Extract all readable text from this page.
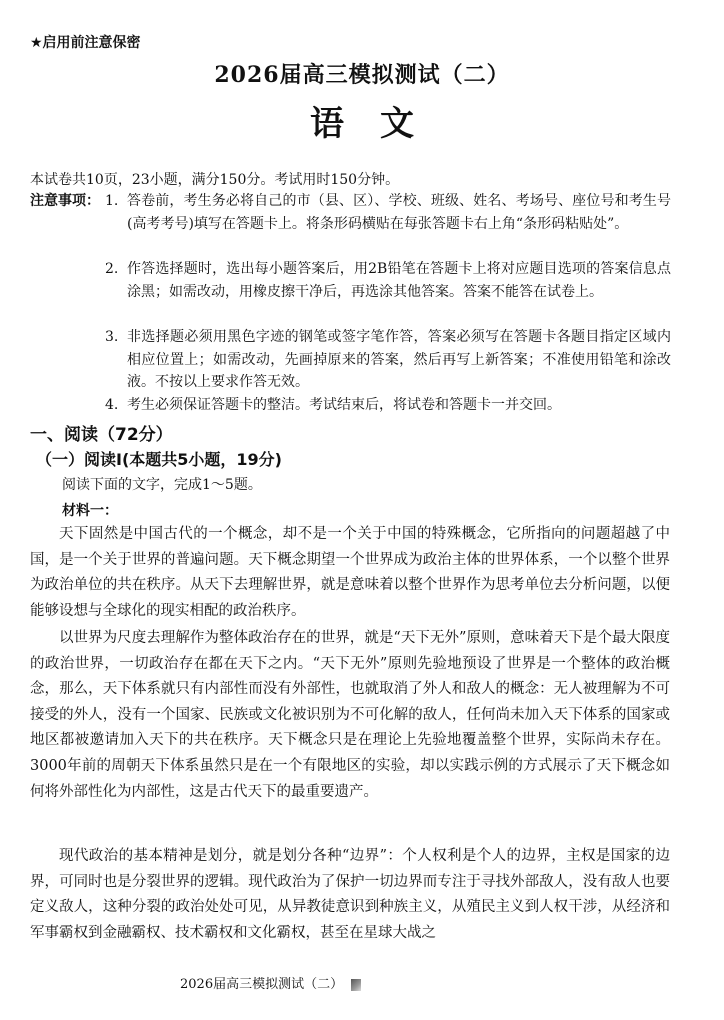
★启用前注意保密
2026届高三模拟测试（二）
语文
本试卷共10页，23小题，满分150分。考试用时150分钟。
注意事项： 1. 答卷前，考生务必将自己的市（县、区）、学校、班级、姓名、考场号、座位号和考生号(高考考号)填写在答题卡上。将条形码横贴在每张答题卡右上角“条形码粘贴处”。
2. 作答选择题时，选出每小题答案后，用2B铅笔在答题卡上将对应题目选项的答案信息点涂黑；如需改动，用橡皮擦干净后，再选涂其他答案。答案不能答在试卷上。
3. 非选择题必须用黑色字迹的钢笔或签字笔作答，答案必须写在答题卡各题目指定区域内相应位置上；如需改动，先画掉原来的答案，然后再写上新答案；不准使用铅笔和涂改液。不按以上要求作答无效。
4. 考生必须保证答题卡的整洁。考试结束后，将试卷和答题卡一并交回。
一、阅读（72分）
（一）阅读Ⅰ(本题共5小题，19分)
阅读下面的文字，完成1～5题。
材料一：

天下固然是中国古代的一个概念，却不是一个关于中国的特殊概念，它所指向的问题超越了中国，是一个关于世界的普遍问题。天下概念期望一个世界成为政治主体的世界体系，一个以整个世界为政治单位的共在秩序。从天下去理解世界，就是意味着以整个世界作为思考单位去分析问题，以便能够设想与全球化的现实相配的政治秩序。

以世界为尺度去理解作为整体政治存在的世界，就是“天下无外”原则，意味着天下是个最大限度的政治世界，一切政治存在都在天下之内。“天下无外”原则先验地预设了世界是一个整体的政治概念，那么，天下体系就只有内部性而没有外部性，也就取消了外人和敌人的概念：无人被理解为不可接受的外人，没有一个国家、民族或文化被识别为不可化解的敌人，任何尚未加入天下体系的国家或地区都被邀请加入天下的共在秩序。天下概念只是在理论上先验地覆盖整个世界，实际尚未存在。3000年前的周朝天下体系虽然只是在一个有限地区的实验，却以实践示例的方式展示了天下概念如何将外部性化为内部性，这是古代天下的最重要遗产。

现代政治的基本精神是划分，就是划分各种“边界”：个人权利是个人的边界，主权是国家的边界，可同时也是分裂世界的逻辑。现代政治为了保护一切边界而专注于寻找外部敌人，没有敌人也要定义敌人，这种分裂的政治处处可见，从异教徒意识到种族主义，从殖民主义到人权干涉，从经济和军事霸权到金融霸权、技术霸权和文化霸权，甚至在星球大战之

2026届高三模拟测试（二）
